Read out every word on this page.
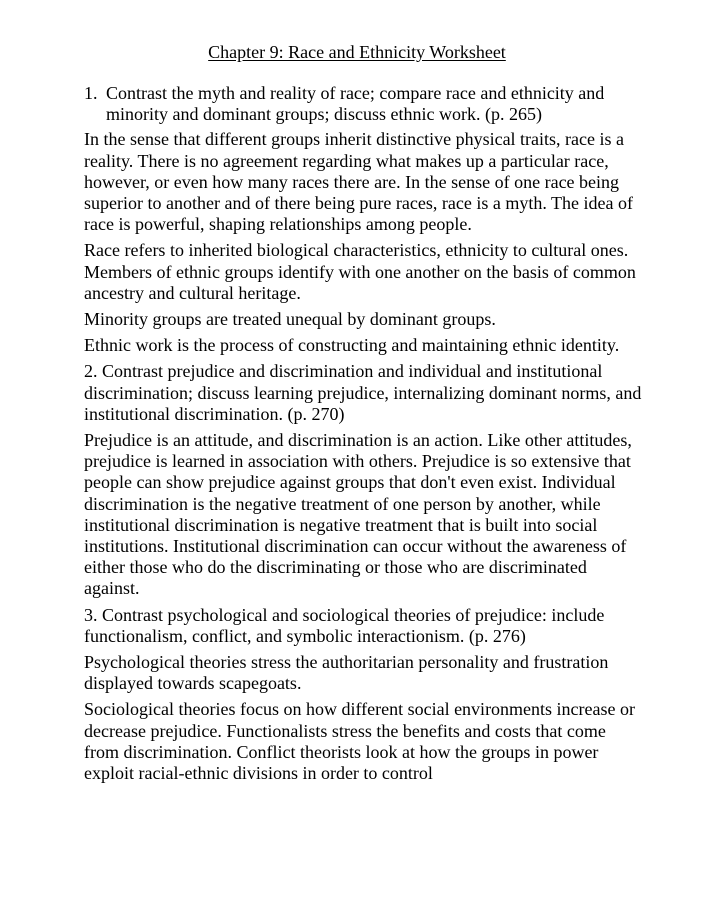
Chapter 9: Race and Ethnicity Worksheet
1. Contrast the myth and reality of race; compare race and ethnicity and minority and dominant groups; discuss ethnic work. (p. 265)

In the sense that different groups inherit distinctive physical traits, race is a reality. There is no agreement regarding what makes up a particular race, however, or even how many races there are. In the sense of one race being superior to another and of there being pure races, race is a myth. The idea of race is powerful, shaping relationships among people.

Race refers to inherited biological characteristics, ethnicity to cultural ones. Members of ethnic groups identify with one another on the basis of common ancestry and cultural heritage.

Minority groups are treated unequal by dominant groups.

Ethnic work is the process of constructing and maintaining ethnic identity.

2. Contrast prejudice and discrimination and individual and institutional discrimination; discuss learning prejudice, internalizing dominant norms, and institutional discrimination. (p. 270)

Prejudice is an attitude, and discrimination is an action. Like other attitudes, prejudice is learned in association with others. Prejudice is so extensive that people can show prejudice against groups that don't even exist. Individual discrimination is the negative treatment of one person by another, while institutional discrimination is negative treatment that is built into social institutions. Institutional discrimination can occur without the awareness of either those who do the discriminating or those who are discriminated against.

3. Contrast psychological and sociological theories of prejudice: include functionalism, conflict, and symbolic interactionism. (p. 276)

Psychological theories stress the authoritarian personality and frustration displayed towards scapegoats.

Sociological theories focus on how different social environments increase or decrease prejudice. Functionalists stress the benefits and costs that come from discrimination. Conflict theorists look at how the groups in power exploit racial-ethnic divisions in order to control
